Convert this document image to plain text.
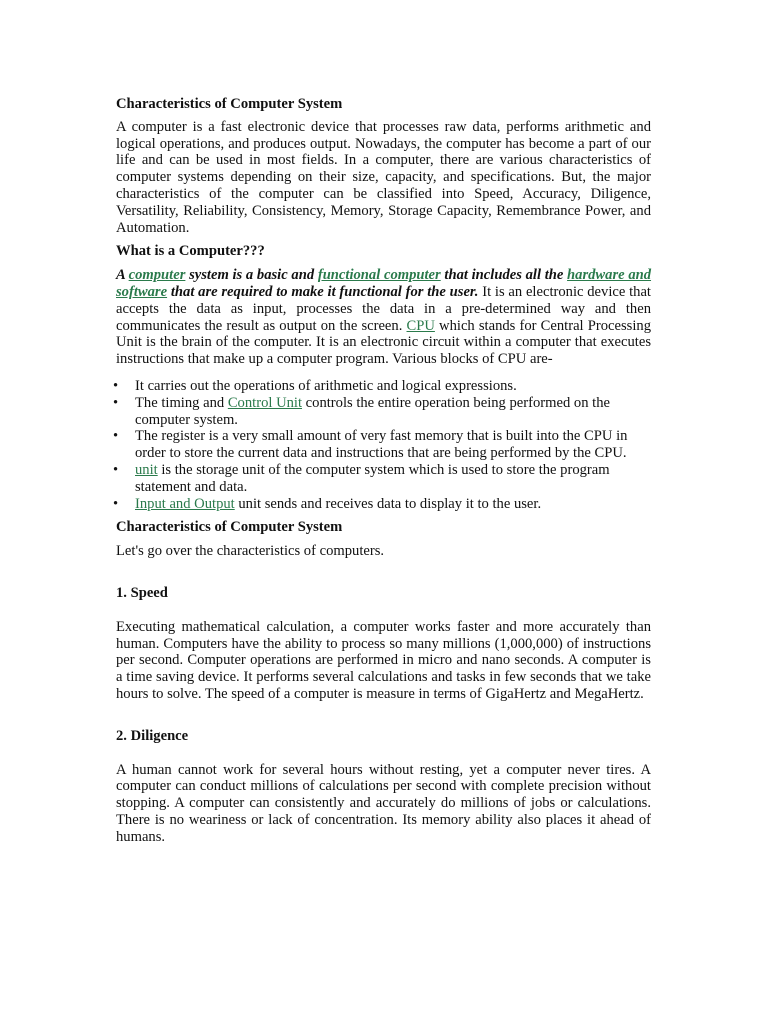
Characteristics of Computer System

A computer is a fast electronic device that processes raw data, performs arithmetic and logical operations, and produces output. Nowadays, the computer has become a part of our life and can be used in most fields. In a computer, there are various characteristics of computer systems depending on their size, capacity, and specifications. But, the major characteristics of the computer can be classified into Speed, Accuracy, Diligence, Versatility, Reliability, Consistency, Memory, Storage Capacity, Remembrance Power, and Automation.

What is a Computer???

A computer system is a basic and functional computer that includes all the hardware and software that are required to make it functional for the user. It is an electronic device that accepts the data as input, processes the data in a pre-determined way and then communicates the result as output on the screen. CPU which stands for Central Processing Unit is the brain of the computer. It is an electronic circuit within a computer that executes instructions that make up a computer program. Various blocks of CPU are-

• It carries out the operations of arithmetic and logical expressions.
• The timing and Control Unit controls the entire operation being performed on the computer system.
• The register is a very small amount of very fast memory that is built into the CPU in order to store the current data and instructions that are being performed by the CPU.
• unit is the storage unit of the computer system which is used to store the program statement and data.
• Input and Output unit sends and receives data to display it to the user.

Characteristics of Computer System

Let's go over the characteristics of computers.

1. Speed

Executing mathematical calculation, a computer works faster and more accurately than human. Computers have the ability to process so many millions (1,000,000) of instructions per second. Computer operations are performed in micro and nano seconds. A computer is a time saving device. It performs several calculations and tasks in few seconds that we take hours to solve. The speed of a computer is measure in terms of GigaHertz and MegaHertz.

2. Diligence

A human cannot work for several hours without resting, yet a computer never tires. A computer can conduct millions of calculations per second with complete precision without stopping. A computer can consistently and accurately do millions of jobs or calculations. There is no weariness or lack of concentration. Its memory ability also places it ahead of humans.
